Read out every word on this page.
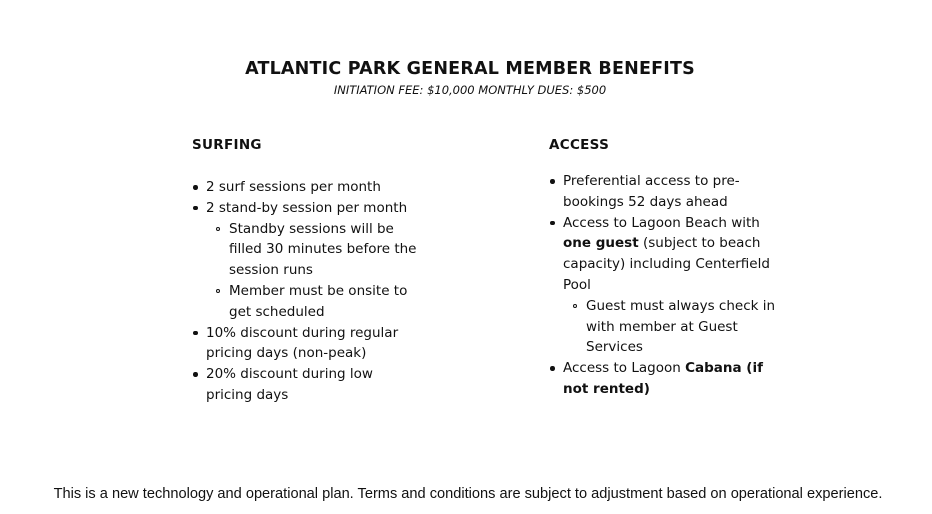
ATLANTIC PARK GENERAL MEMBER BENEFITS
INITIATION FEE: $10,000 MONTHLY DUES: $500
SURFING
2 surf sessions per month
2 stand-by session per month
Standby sessions will be filled 30 minutes before the session runs
Member must be onsite to get scheduled
10% discount during regular pricing days (non-peak)
20% discount during low pricing days
ACCESS
Preferential access to pre-bookings 52 days ahead
Access to Lagoon Beach with one guest (subject to beach capacity) including Centerfield Pool
Guest must always check in with member at Guest Services
Access to Lagoon Cabana (if not rented)
This is a new technology and operational plan. Terms and conditions are subject to adjustment based on operational experience.
